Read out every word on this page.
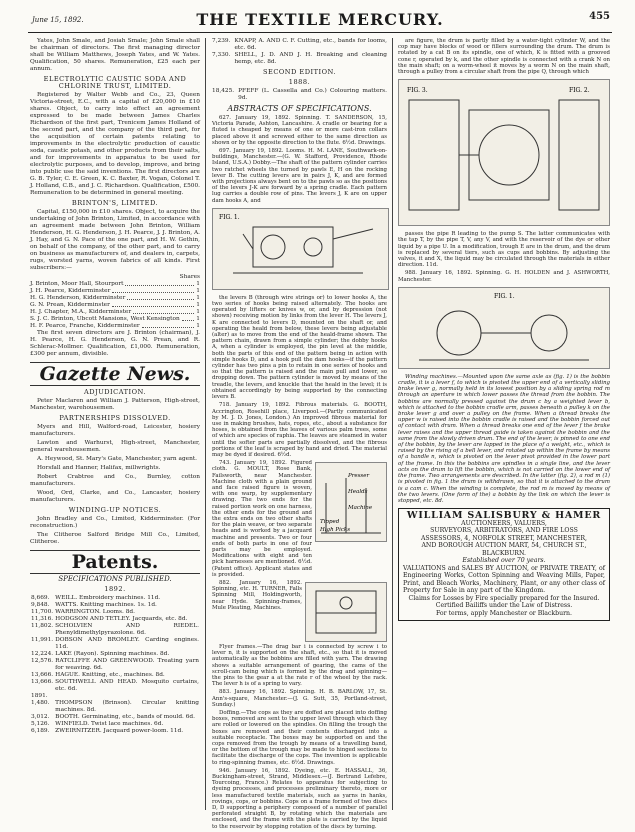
June 15, 1892.	THE TEXTILE MERCURY.	455

Yates, John Smale, and Josiah Smale; John Smale shall be chairman of directors. The first managing director shall be William Matthews, Joseph Yates, and W. Yates. Qualification, 50 shares. Remuneration, £25 each per annum.

ELECTROLYTIC CAUSTIC SODA AND CHLORINE TRUST, LIMITED.

Registered by Walter Webb and Co., 23, Queen Victoria-street, E.C., with a capital of £20,000 in £10 shares. Object, to carry into effect an agreement expressed to be made between James Charles Richardson of the first part, Trenicem James Holland of the second part, and the company of the third part, for the acquisition of certain patents relating to improvements in the electrolytic production of caustic soda, caustic potash, and other products from their salts, and for improvements in apparatus to be used for electrolytic purposes, and to develop, improve, and bring into public use the said inventions. The first directors are G. B. Tyler, C. E. Green, K. C. Baxter, R. Vogan, Colonel T. J. Holland, C.B., and J. C. Richardson. Qualification, £500. Remuneration to be determined in general meeting.

BRINTON'S, LIMITED.

Capital, £150,000 in £10 shares. Object, to acquire the undertaking of John Brinton, Limited, in accordance with an agreement made between John Brinton, William Henderson, H. G. Henderson, J. H. Pearce, J. J. Brinton, A. J. Hay, and G. N. Pace of the one part, and H. W. Gethin, on behalf of the company, of the other part, and to carry on business as manufacturers of, and dealers in, carpets, rugs, worsted yarns, woven fabrics of all kinds. First subscribers:—

Shares
J. Brinton, Moor Hall, Stourport	1
J. H. Pearce, Kidderminster	1
H. G. Henderson, Kidderminster	1
G. N. Prean, Kidderminster	1
H. J. Chapter, M.A., Kidderminster	1
S. J. C. Brinton, Ubcott Mansions, West Kensington	1
H. F. Pearce, Franche, Kidderminster	1

The first seven directors are J. Brinton (chairman), J. H. Pearce, H. G. Henderson, G. N. Prean, and R. Schlerac-Mollmer. Qualification, £1,000. Remuneration, £300 per annum, divisible.

Gazette News.
ADJUDICATION.

Peter Maclaren and William J. Patterson, High-street, Manchester, warehousemen.

PARTNERSHIPS DISSOLVED.

Myers and Hill, Walford-road, Leicester, hosiery manufacturers.

Lawton and Warhurst, High-street, Manchester, general warehousemen.

A. Heywood, St. Mary's Gate, Manchester, yarn agent.

Horsfall and Hanner, Halifax, millwrights.

Robert Crabtree and Co., Burnley, cotton manufacturers.

Wood, Ord, Clarke, and Co., Lancaster, hosiery manufacturers.

WINDING-UP NOTICES.

John Bradley and Co., Limited, Kidderminster. (For reconstruction.)

The Clitheroe Salford Bridge Mill Co., Limited, Clitheroe.

Patents.
SPECIFICATIONS PUBLISHED.
1892.
8,669.	WEILL. Embroidery machines. 11d.
9,848.	WATTS. Knitting machines. 1s. 1d.
11,700.	WARRINGTON. Looms. 8d.
11,316.	HODGSON AND TETLEY. Jacquards, etc. 8d.
11,802.	SCHOLVIEN AND RIEDEL. Phenyldimethylpyrazolone. 6d.
11,991.	DOBSON AND BROMLEY. Carding engines. 11d.
12,224.	LAKE (Rayon). Spinning machines. 8d.
12,576.	RATCLIFFE AND GREENWOOD. Treating yarn for weaving. 6d.
13,666.	HAGUE. Knitting, etc., machines. 8d.
13,666.	SOUTHWELL AND HEAD. Mosquito curtains, etc. 6d.
1891.	
1,480.	THOMPSON (Brinson). Circular knitting machines. 8d.
3,012.	BOOTH. Germinating, etc., bands of mould. 6d.
5,126.	WINFIELD. Twist lace machines. 6d.
6,189.	ZWEIRNITZER. Jacquard power-loom. 11d.
7,239. KNAPP, A. AND C. F. Cutting, etc., bands for looms, etc. 6d.
7,330. SHELL, J. D. AND J. H. Breaking and cleaning hemp, etc. 8d.
SECOND EDITION.
1888.
18,425. PFEFF (L. Cassella and Co.) Colouring matters. 9d.
ABSTRACTS OF SPECIFICATIONS.

627. January 19, 1892. Spinning. T. SANDERSON, 15, Victoria Parade, Ashton, Lancashire. A cradle or bearing for a fluted is cheaped by means of one or more cast-iron collars placed above it and screwed either to the same direction as shown or by the opposite direction to the flute. 6½d. Drawings.

697. January 19, 1892. Looms. H. M. LANE, Southwark-on-buildings, Manchester.—(G. W. Stafford, Providence, Rhode Island, U.S.A.) Dobby.—The shaft of the pattern cylinder carries two ratchet wheels the turned by pawls E, H on the rocking lever B. The cutting levers are in pairs J, K, and are formed with projections always bent on to the pawls so as the positions of the levers J-K are forward by a spring cradle. Each pattern lug carries a double row of pins. The levers J, K are on upper dam hooks A, and

FIG. 1.

the levers B (through wire strings or) to lower hooks A, the two series of hooks being raised alternately. The hooks are operated by lifters or knives w, or, and by depression (not shown) receiving motion by links from the lever H. The levers J, K are connected to levers D, mounted on the shaft or, and operating the heald from below, these levers being adjustable (alter) as to move from the end of the heald-frame shown. The pattern chain, drawn from a simple cylinder; the dobby hooks A, when a cylinder is employed, the pin level at the middle, both the parts of this end of the pattern being in action with simple hooks D, and a hook pull the dam hooks—if the pattern cylinder has two pins a pin to retain in one series of hooks and so that the pattern is raised and the main pull and lower, so dropping down. The pattern cylinder is moved by means of the treadle, the levers, and knuckle that the heald in the level; it is obtained accordingly by being supported by the connecting levers B.

718. January 19, 1892. Fibrous materials. G. BOOTH, Accrington, Rosehill place, Liverpool.—(Partly communicated by M. J. D. Jones, London.) An improved fibrous material for use in making brushes, hats, ropes, etc., about a substance for hoses, is obtained from the leaves of various palm trees, some of which are species of raphia. The leaves are steamed in water until the softer parts are partially dissolved, and the fibrous portions of the leaf is scraped by hand and dried. The material may be dyed if desired. 6½d.

743. January 19, 1892. Figured cloth. G. MOULT, Rose Bank, Failsworth, near Manchester. Machine cloth with a plain ground and face raised figure is woven, with one warp, by supplementary drawing. The two ends for the raised portion work on one harness, the other ends for the ground and the extra ends on two other shafts for the plain weave, or two separate heads and is worked by a jacquard machine and presents. Two or four ends of both parts in one of four parts may be employed. Modifications with eight and ten pick harnesses are mentioned. 6½d. (Patent office). Applicant states and is provided.

Presser
Healds
Machine
Tipped
High Picks

882. January 16, 1892. Spinning, etc. H. TURNER, Falls Spinning Mill, Holdingworth, near Hyde. Spinning-frames, Mule Pleating, Machines.

Flyer frames.—The drag bar i is connected by screw i to lever n, it is supported on the shaft, etc., so that it is moved automatically as the bobbins are filled with yarn. The drawing shows a suitable arrangement of gearing, the cams of the scroll-cam being which is formed by the drag and spinning—the pins to the gear a at the rate r of the wheel by the rack. The lever h is of a spring to vary.

883. January 16, 1892. Spinning. H. B. BARLOW, 17, St. Ann's-square, Manchester.—(J. G. Sutt, 35, Portland-street, Sunday.)

Doffing.—The cops as they are doffed are placed into doffing boxes, removed are sent to the upper level through which they are rolled or lowered on the spindles. On filling the trough the boxes are removed and their contents discharged into a suitable receptacle. The boxes may be supported on and the cops removed from the trough by means of a travelling band, or the bottom of the trough may be made to hinged sections to facilitate the discharge of the cops. The invention is applicable to ring-spinning frames, etc. 6½d. Drawings.

946. January 16, 1892. Dyeing, etc. E. HASSALL, 36, Buckingham-street, Strand, Middlesex.—(J. Bertrand Lefebre, Tourcoing, France.) Relates to apparatus for subjecting to dyeing processes, and processes preliminary thereto, more or less manufactured textile materials, such as yarns in hanks, rovings, cops, or bobbins. Cops on a frame formed of two discs D, D supporting a periphery composed of a number of parallel perforated straight B, by rotating which the materials are enclosed, and the frame with the plate is carried by the liquid to the reservoir by stopping rotation of the discs by turning.

are figure, the drum is partly filled by a water-tight cylinder W, and the cop may have blocks of wood or fillers surrounding the drum. The drum is rotated by a cat B on its spindle, one of which, K is fitted with a grooved cone r, operated by k, and the other spindle is connected with a crank N on the main shaft; on a worm-wheel it moves by a worm N on the main shaft, through a pulley from a circular shaft from the pipe Q, through which

FIG. 3.	FIG. 2.

passes the pipe R leading to the pump S. The latter communicates with the tap T, by the pipe T, V, any V, and with the reservoir of the dye or other liquid by a pipe U. In a modification, trough E are in the drum, and the drum is replaced by several tiers, such as cups and bobbins. By adjusting the valves, it and X, the liquid may be circulated through the materials in either direction. 11d.

988. January 16, 1892. Spinning. G. H. HOLDEN and J. ASHWORTH, Manchester.

FIG. 1.

Winding machines.—Mounted upon the same axle as (fig. 1) is the bobbin cradle, it is a lever f, to which is pivoted the upper end of a vertically sliding brake lever g, normally held in its lowest position by a sliding spring rod m through an aperture in which lower passes the thread from the bobbin. The bobbins are normally pressed against the drum c by a weighted lever b, which is attached to the bobbin cradle arm, passes beneath a pulley k on the brake lever g and over a pulley on the frame. When a thread breaks the upper w is raised into the bobbin cradle is raised and the bobbin forced out of contact with drum. When a thread breaks one end of the lever f the brake lever raises and the upper thread guide is taken against the bobbin and the same from the slowly driven drum. The end of the lever, is pinned to one end of the bobbin, by the lever are lapped in the place of a weight, etc., which is raised by the rising of a bell lever, and rotated up within the frame by means of a handle n, which is pivoted on the lever pivot provided in the lower part of the frame. In this the bobbins are spindles in a single line, and the lever acts on the drum to lift the bobbin, which is not carried on the lower end of the frame. Two arrangements are described. In the latter (fig. 2), a rod m (1) is pivoted in fig. 1 the drum is withdrawn, so that it is attached to the drum is a cam c. When the winding is complete, the rod m is moved by means of the two levers. (One form of the) a bobbin by the link on which the lever is stopped, etc. 8d.

WILLIAM SALISBURY & HAMER
AUCTIONEERS, VALUERS,
SURVEYORS, ARBITRATORS, AND FIRE LOSS
ASSESSORS, 4, NORFOLK STREET, MANCHESTER,
AND BOROUGH AUCTION MART, 54, CHURCH ST.,
BLACKBURN.
Established over 70 years.
VALUATIONS and SALES BY AUCTION, or PRIVATE TREATY, of Engineering Works, Cotton Spinning and Weaving Mills, Paper, Print, and Bleach Works, Machinery, Plant, or any other class of Property for Sale in any part of the Kingdom.
Claims for Losses by Fire specially prepared for the Insured.
Certified Bailiffs under the Law of Distress.
For terms, apply Manchester or Blackburn.
